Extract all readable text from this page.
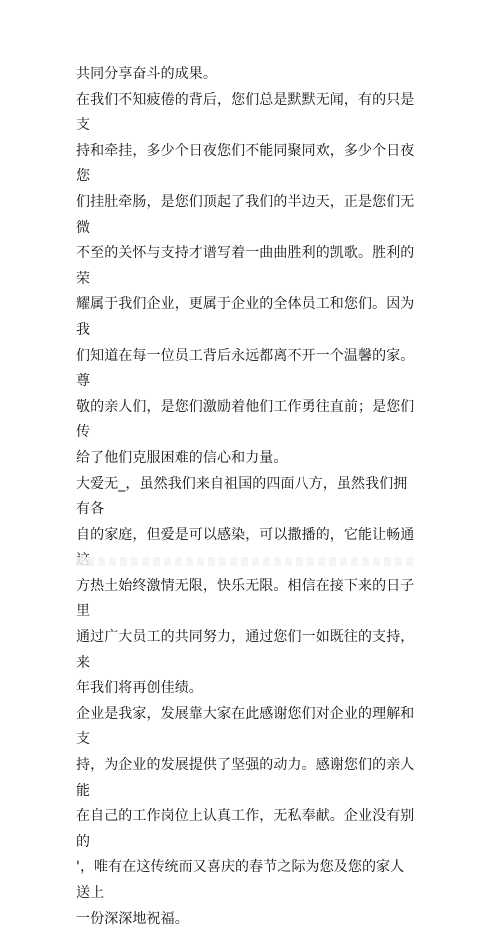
共同分享奋斗的成果。

在我们不知疲倦的背后，您们总是默默无闻，有的只是支
持和牵挂，多少个日夜您们不能同聚同欢，多少个日夜您
们挂肚牵肠，是您们顶起了我们的半边天，正是您们无微
不至的关怀与支持才谱写着一曲曲胜利的凯歌。胜利的荣
耀属于我们企业，更属于企业的全体员工和您们。因为我
们知道在每一位员工背后永远都离不开一个温馨的家。尊
敬的亲人们，是您们激励着他们工作勇往直前；是您们传
给了他们克服困难的信心和力量。

大爱无_，虽然我们来自祖国的四面八方，虽然我们拥有各
自的家庭，但爱是可以感染，可以撒播的，它能让畅通
方热土始终激情无限，快乐无限。相信在接下来的日子里
通过广大员工的共同努力，通过您们一如既往的支持，来
年我们将再创佳绩。

企业是我家，发展靠大家在此感谢您们对企业的理解和支
持，为企业的发展提供了坚强的动力。感谢您们的亲人能
在自己的工作岗位上认真工作，无私奉献。企业没有别的
'，唯有在这传统而又喜庆的春节之际为您及您的家人送上
一份深深地祝福。
